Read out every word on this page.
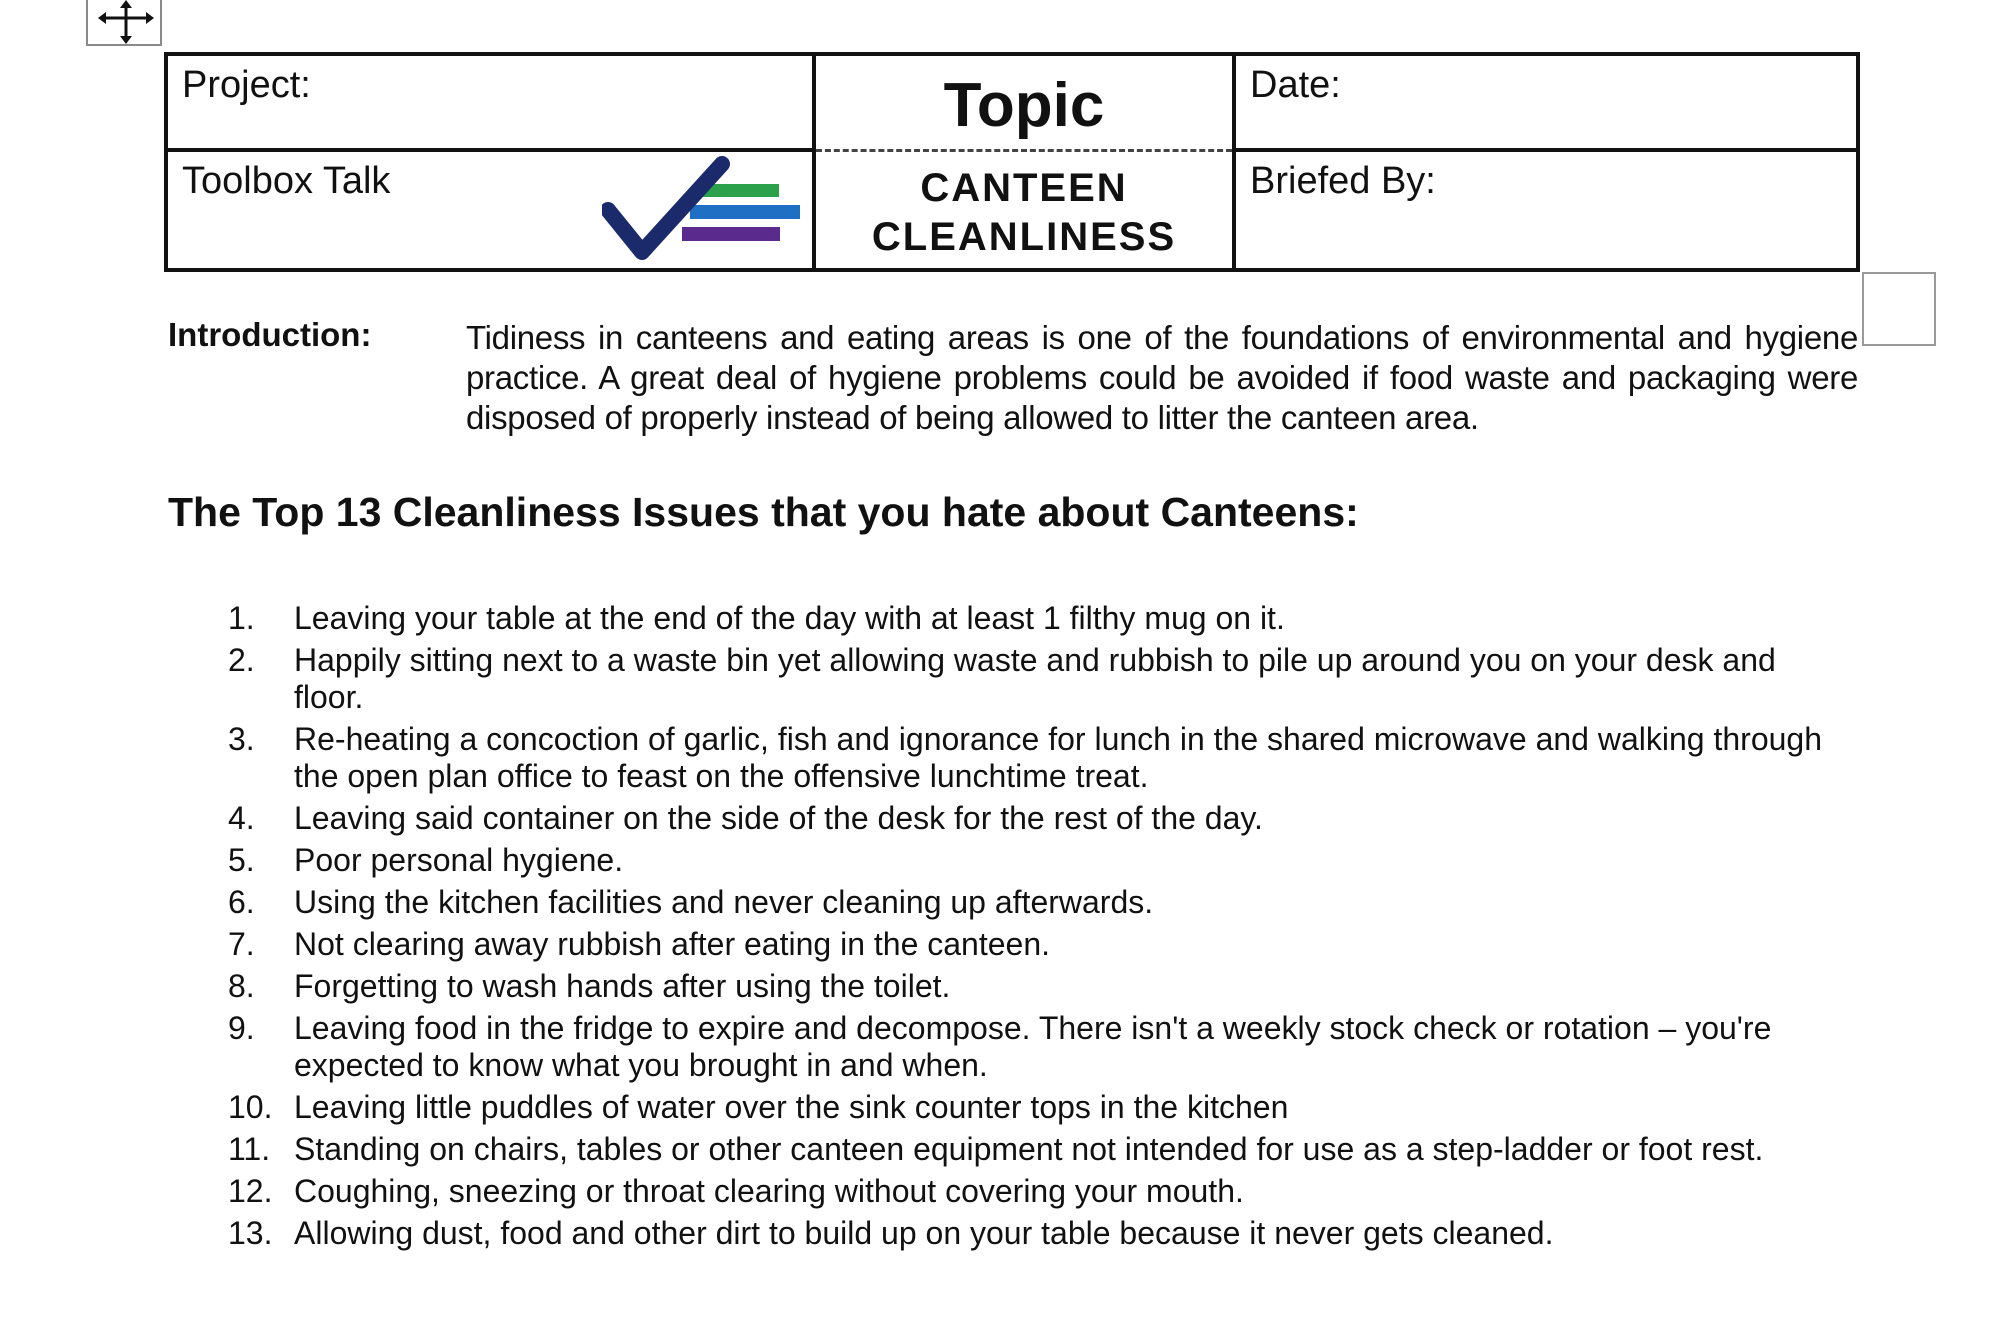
Project:	Topic	Date:

Toolbox Talk	CANTEEN CLEANLINESS	Briefed By:
Introduction:	Tidiness in canteens and eating areas is one of the foundations of environmental and hygiene practice. A great deal of hygiene problems could be avoided if food waste and packaging were disposed of properly instead of being allowed to litter the canteen area.
The Top 13 Cleanliness Issues that you hate about Canteens:
1. Leaving your table at the end of the day with at least 1 filthy mug on it.
2. Happily sitting next to a waste bin yet allowing waste and rubbish to pile up around you on your desk and floor.
3. Re-heating a concoction of garlic, fish and ignorance for lunch in the shared microwave and walking through the open plan office to feast on the offensive lunchtime treat.
4. Leaving said container on the side of the desk for the rest of the day.
5. Poor personal hygiene.
6. Using the kitchen facilities and never cleaning up afterwards.
7. Not clearing away rubbish after eating in the canteen.
8. Forgetting to wash hands after using the toilet.
9. Leaving food in the fridge to expire and decompose. There isn't a weekly stock check or rotation – you're expected to know what you brought in and when.
10. Leaving little puddles of water over the sink counter tops in the kitchen
11. Standing on chairs, tables or other canteen equipment not intended for use as a step-ladder or foot rest.
12. Coughing, sneezing or throat clearing without covering your mouth.
13. Allowing dust, food and other dirt to build up on your table because it never gets cleaned.
